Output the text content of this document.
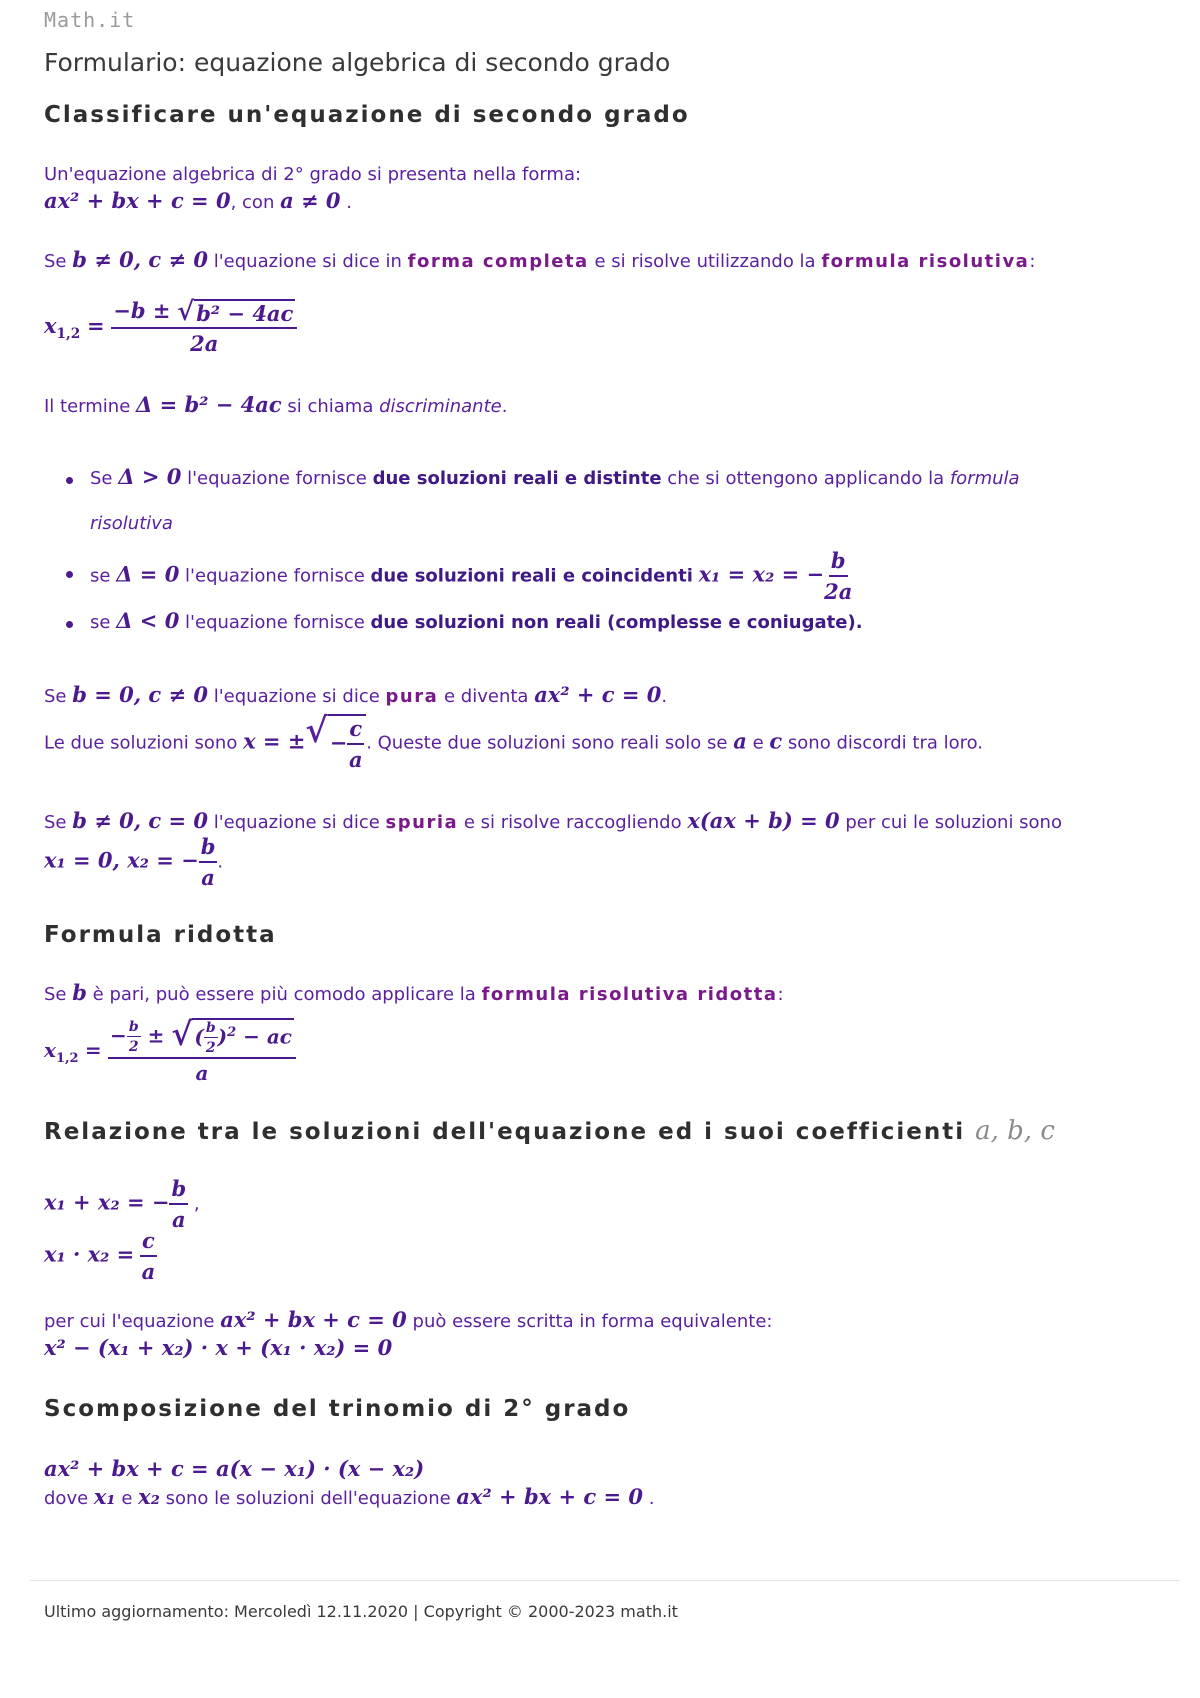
Math.it
Formulario: equazione algebrica di secondo grado
Classificare un'equazione di secondo grado
Un'equazione algebrica di 2° grado si presenta nella forma:
ax² + bx + c = 0, con a ≠ 0 .
Se b ≠ 0, c ≠ 0 l'equazione si dice in forma completa e si risolve utilizzando la formula risolutiva:
$x_{1,2} = \frac{\text{−b ± √ b² − 4ac}}{2a}$
Il termine Δ = b² − 4ac si chiama discriminante.
Se Δ > 0 l'equazione fornisce due soluzioni reali e distinte che si ottengono applicando la formula
risolutiva
se Δ = 0 l'equazione fornisce due soluzioni reali e coincidenti x₁ = x₂ = − $\frac{b}{2a}$
se Δ < 0 l'equazione fornisce due soluzioni non reali (complesse e coniugate).
Se b = 0, c ≠ 0 l'equazione si dice pura e diventa ax² + c = 0.
Le due soluzioni sono x = ± √ − $\frac{c}{a}$ . Queste due soluzioni sono reali solo se a e c sono discordi tra loro.
Se b ≠ 0, c = 0 l'equazione si dice spuria e si risolve raccogliendo x(ax + b) = 0 per cui le soluzioni sono
x₁ = 0, x₂ = − $\frac{b}{a}$ .
Formula ridotta
Se b è pari, può essere più comodo applicare la formula risolutiva ridotta:
$x_{1,2} = \frac{- \frac{b}{2} \pm √ ( \frac{b}{2} )^2 - ac}{a}$
Relazione tra le soluzioni dell'equazione ed i suoi coefficienti a, b, c
x₁ + x₂ = − $\frac{b}{a}$ ,
$x_1 \cdot x_2 = \frac{c}{a}$
per cui l'equazione ax² + bx + c = 0 può essere scritta in forma equivalente:
x² − (x₁ + x₂) · x + (x₁ · x₂) = 0
Scomposizione del trinomio di 2° grado
ax² + bx + c = a(x − x₁) · (x − x₂)
dove x₁ e x₂ sono le soluzioni dell'equazione ax² + bx + c = 0 .
Ultimo aggiornamento: Mercoledì 12.11.2020 | Copyright © 2000-2023 math.it
